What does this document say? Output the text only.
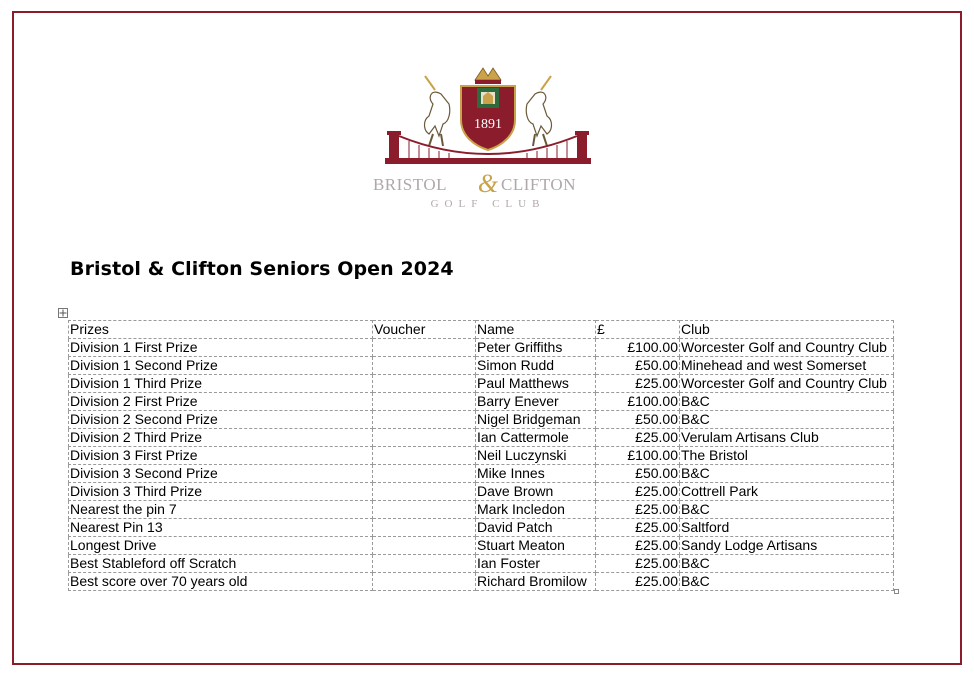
1891
BRISTOL & CLIFTON
GOLF CLUB
Bristol & Clifton Seniors Open 2024
Prizes	Voucher	Name	£	Club
Division 1 First Prize		Peter Griffiths	£100.00	Worcester Golf and Country Club
Division 1 Second Prize		Simon Rudd	£50.00	Minehead and west Somerset
Division 1 Third Prize		Paul Matthews	£25.00	Worcester Golf and Country Club
Division 2 First Prize		Barry Enever	£100.00	B&C
Division 2 Second Prize		Nigel Bridgeman	£50.00	B&C
Division 2 Third Prize		Ian Cattermole	£25.00	Verulam Artisans Club
Division 3 First Prize		Neil Luczynski	£100.00	The Bristol
Division 3 Second Prize		Mike Innes	£50.00	B&C
Division 3 Third Prize		Dave Brown	£25.00	Cottrell Park
Nearest the pin 7		Mark Incledon	£25.00	B&C
Nearest Pin 13		David Patch	£25.00	Saltford
Longest Drive		Stuart Meaton	£25.00	Sandy Lodge Artisans
Best Stableford off Scratch		Ian Foster	£25.00	B&C
Best score over 70 years old		Richard Bromilow	£25.00	B&C
